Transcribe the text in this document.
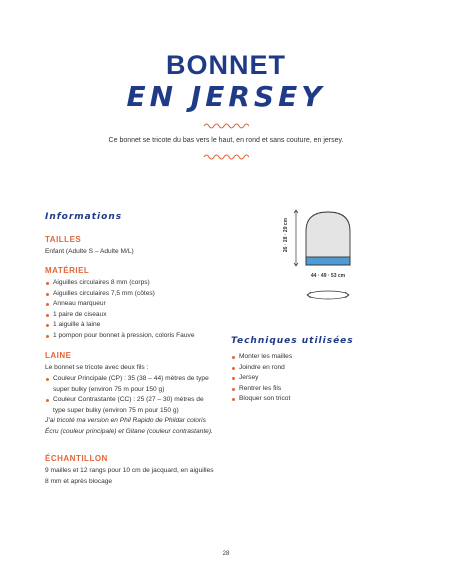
BONNET
EN JERSEY
Ce bonnet se tricote du bas vers le haut, en rond et sans couture, en jersey.
Informations
TAILLES
Enfant (Adulte S – Adulte M/L)
MATÉRIEL
Aiguilles circulaires 8 mm (corps)
Aiguilles circulaires 7,5 mm (côtes)
Anneau marqueur
1 paire de ciseaux
1 aiguille à laine
1 pompon pour bonnet à pression, coloris Fauve
LAINE
Le bonnet se tricote avec deux fils :
Couleur Principale (CP) : 35 (38 – 44) mètres de type
super bulky (environ 75 m pour 150 g)
Couleur Contrastante (CC) : 25 (27 – 30) mètres de
type super bulky (environ 75 m pour 150 g)
J’ai tricoté ma version en Phil Rapido de Phildar coloris
Écru (couleur principale) et Gitane (couleur contrastante).
ÉCHANTILLON
9 mailles et 12 rangs pour 10 cm de jacquard, en aiguilles
8 mm et après blocage
26 · 28 · 29 cm
44 · 49 · 53 cm
Techniques utilisées
Monter les mailles
Joindre en rond
Jersey
Rentrer les fils
Bloquer son tricot
28
